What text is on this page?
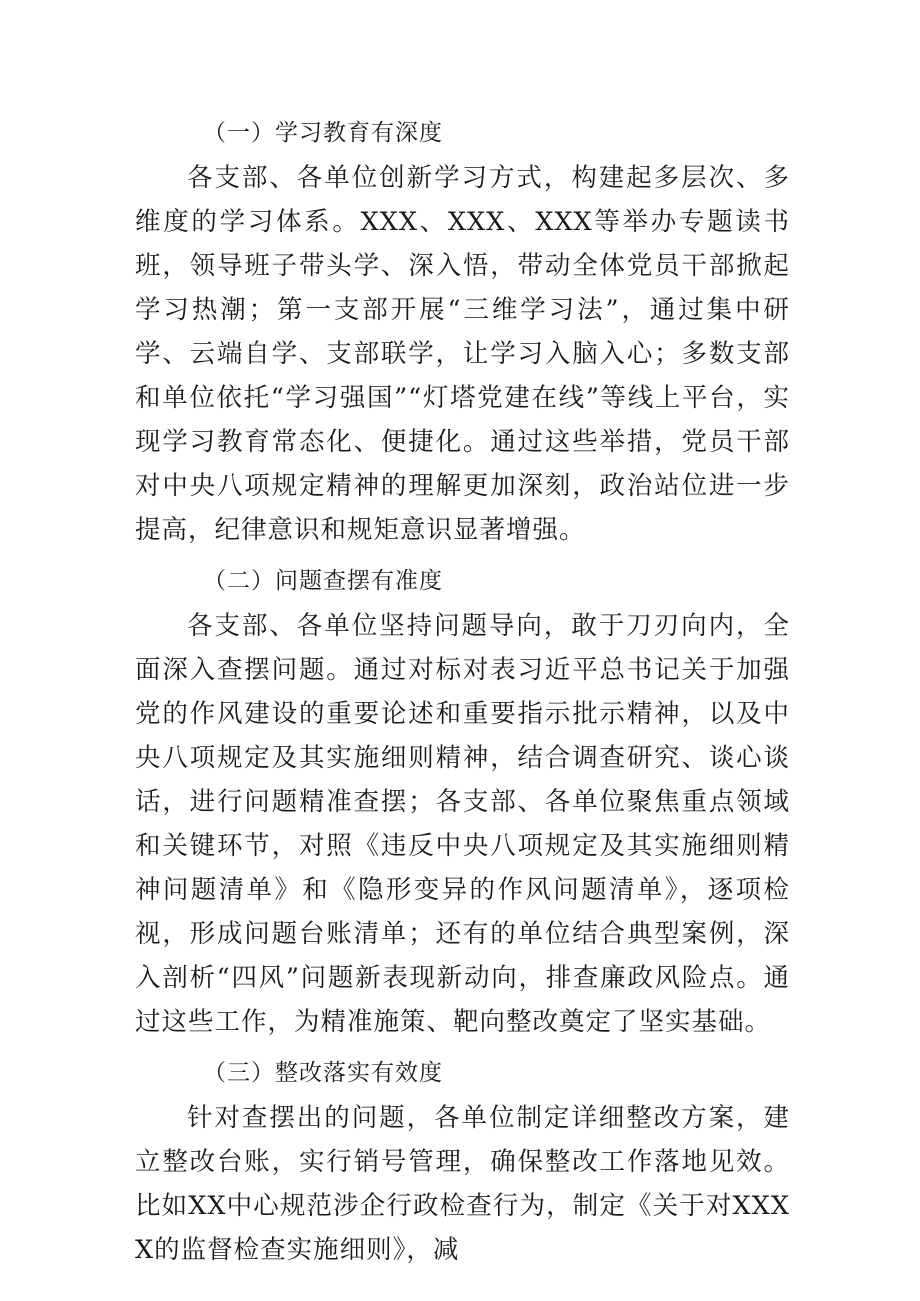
（一）学习教育有深度

各支部、各单位创新学习方式，构建起多层次、多维度的学习体系。XXX、XXX、XXX等举办专题读书班，领导班子带头学、深入悟，带动全体党员干部掀起学习热潮；第一支部开展“三维学习法”，通过集中研学、云端自学、支部联学，让学习入脑入心；多数支部和单位依托“学习强国”“灯塔党建在线”等线上平台，实现学习教育常态化、便捷化。通过这些举措，党员干部对中央八项规定精神的理解更加深刻，政治站位进一步提高，纪律意识和规矩意识显著增强。

（二）问题查摆有准度

各支部、各单位坚持问题导向，敢于刀刃向内，全面深入查摆问题。通过对标对表习近平总书记关于加强党的作风建设的重要论述和重要指示批示精神，以及中央八项规定及其实施细则精神，结合调查研究、谈心谈话，进行问题精准查摆；各支部、各单位聚焦重点领域和关键环节，对照《违反中央八项规定及其实施细则精神问题清单》和《隐形变异的作风问题清单》，逐项检视，形成问题台账清单；还有的单位结合典型案例，深入剖析“四风”问题新表现新动向，排查廉政风险点。通过这些工作，为精准施策、靶向整改奠定了坚实基础。

（三）整改落实有效度

针对查摆出的问题，各单位制定详细整改方案，建立整改台账，实行销号管理，确保整改工作落地见效。比如XX中心规范涉企行政检查行为，制定《关于对XXXX的监督检查实施细则》，减
